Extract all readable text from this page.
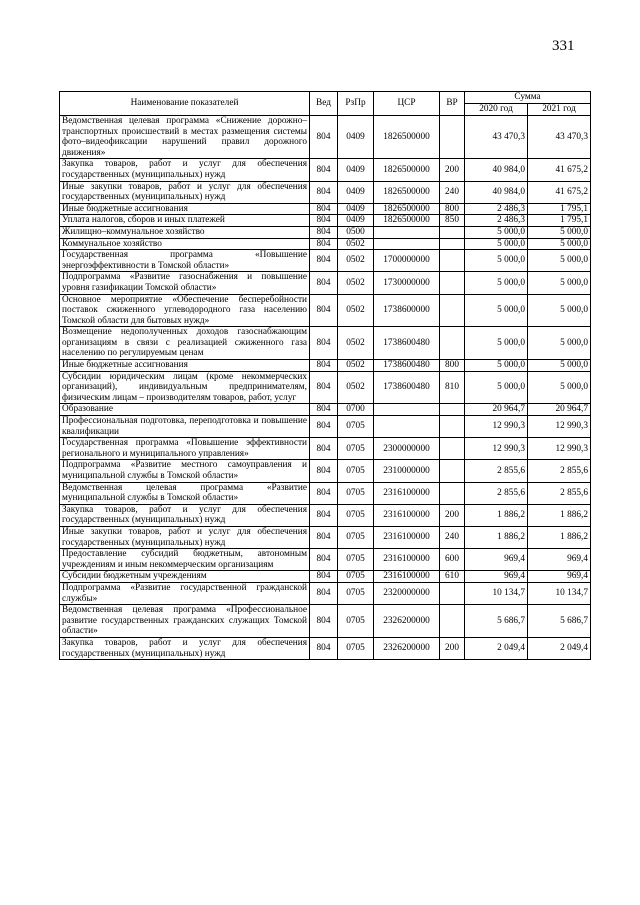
331
Наименование показателей	Вед	РзПр	ЦСР	ВР	Сумма	
					2020 год	2021 год
Ведомственная целевая программа «Снижение дорожно–транспортных происшествий в местах размещения системы фото–видеофиксации нарушений правил дорожного движения»	804	0409	1826500000		43 470,3	43 470,3
Закупка товаров, работ и услуг для обеспечения государственных (муниципальных) нужд	804	0409	1826500000	200	40 984,0	41 675,2
Иные закупки товаров, работ и услуг для обеспечения государственных (муниципальных) нужд	804	0409	1826500000	240	40 984,0	41 675,2
Иные бюджетные ассигнования	804	0409	1826500000	800	2 486,3	1 795,1
Уплата налогов, сборов и иных платежей	804	0409	1826500000	850	2 486,3	1 795,1
Жилищно–коммунальное хозяйство	804	0500			5 000,0	5 000,0
Коммунальное хозяйство	804	0502			5 000,0	5 000,0
Государственная программа «Повышение энергоэффективности в Томской области»	804	0502	1700000000		5 000,0	5 000,0
Подпрограмма «Развитие газоснабжения и повышение уровня газификации Томской области»	804	0502	1730000000		5 000,0	5 000,0
Основное мероприятие «Обеспечение бесперебойности поставок сжиженного углеводородного газа населению Томской области для бытовых нужд»	804	0502	1738600000		5 000,0	5 000,0
Возмещение недополученных доходов газоснабжающим организациям в связи с реализацией сжиженного газа населению по регулируемым ценам	804	0502	1738600480		5 000,0	5 000,0
Иные бюджетные ассигнования	804	0502	1738600480	800	5 000,0	5 000,0
Субсидии юридическим лицам (кроме некоммерческих организаций), индивидуальным предпринимателям, физическим лицам – производителям товаров, работ, услуг	804	0502	1738600480	810	5 000,0	5 000,0
Образование	804	0700			20 964,7	20 964,7
Профессиональная подготовка, переподготовка и повышение квалификации	804	0705			12 990,3	12 990,3
Государственная программа «Повышение эффективности регионального и муниципального управления»	804	0705	2300000000		12 990,3	12 990,3
Подпрограмма «Развитие местного самоуправления и муниципальной службы в Томской области»	804	0705	2310000000		2 855,6	2 855,6
Ведомственная целевая программа «Развитие муниципальной службы в Томской области»	804	0705	2316100000		2 855,6	2 855,6
Закупка товаров, работ и услуг для обеспечения государственных (муниципальных) нужд	804	0705	2316100000	200	1 886,2	1 886,2
Иные закупки товаров, работ и услуг для обеспечения государственных (муниципальных) нужд	804	0705	2316100000	240	1 886,2	1 886,2
Предоставление субсидий бюджетным, автономным учреждениям и иным некоммерческим организациям	804	0705	2316100000	600	969,4	969,4
Субсидии бюджетным учреждениям	804	0705	2316100000	610	969,4	969,4
Подпрограмма «Развитие государственной гражданской службы»	804	0705	2320000000		10 134,7	10 134,7
Ведомственная целевая программа «Профессиональное развитие государственных гражданских служащих Томской области»	804	0705	2326200000		5 686,7	5 686,7
Закупка товаров, работ и услуг для обеспечения государственных (муниципальных) нужд	804	0705	2326200000	200	2 049,4	2 049,4
